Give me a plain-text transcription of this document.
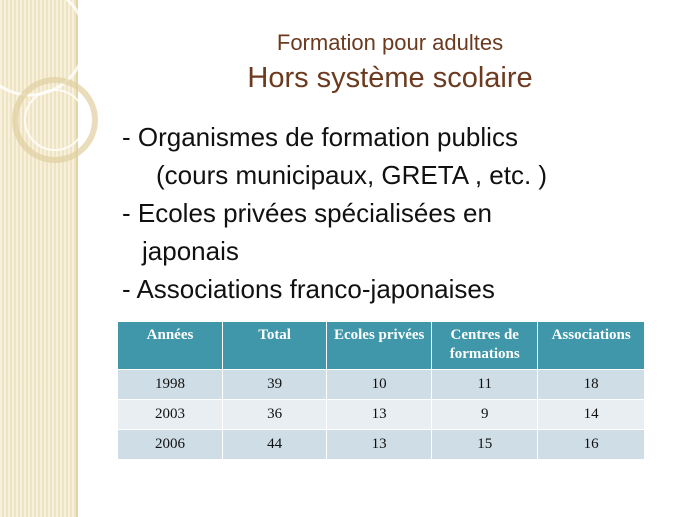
Formation pour adultes
Hors système scolaire
- Organismes de formation publics
(cours municipaux, GRETA , etc. )
- Ecoles privées spécialisées en
japonais
- Associations franco-japonaises
Années	Total	Ecoles privées	Centres de formations	Associations
1998	39	10	11	18
2003	36	13	9	14
2006	44	13	15	16
